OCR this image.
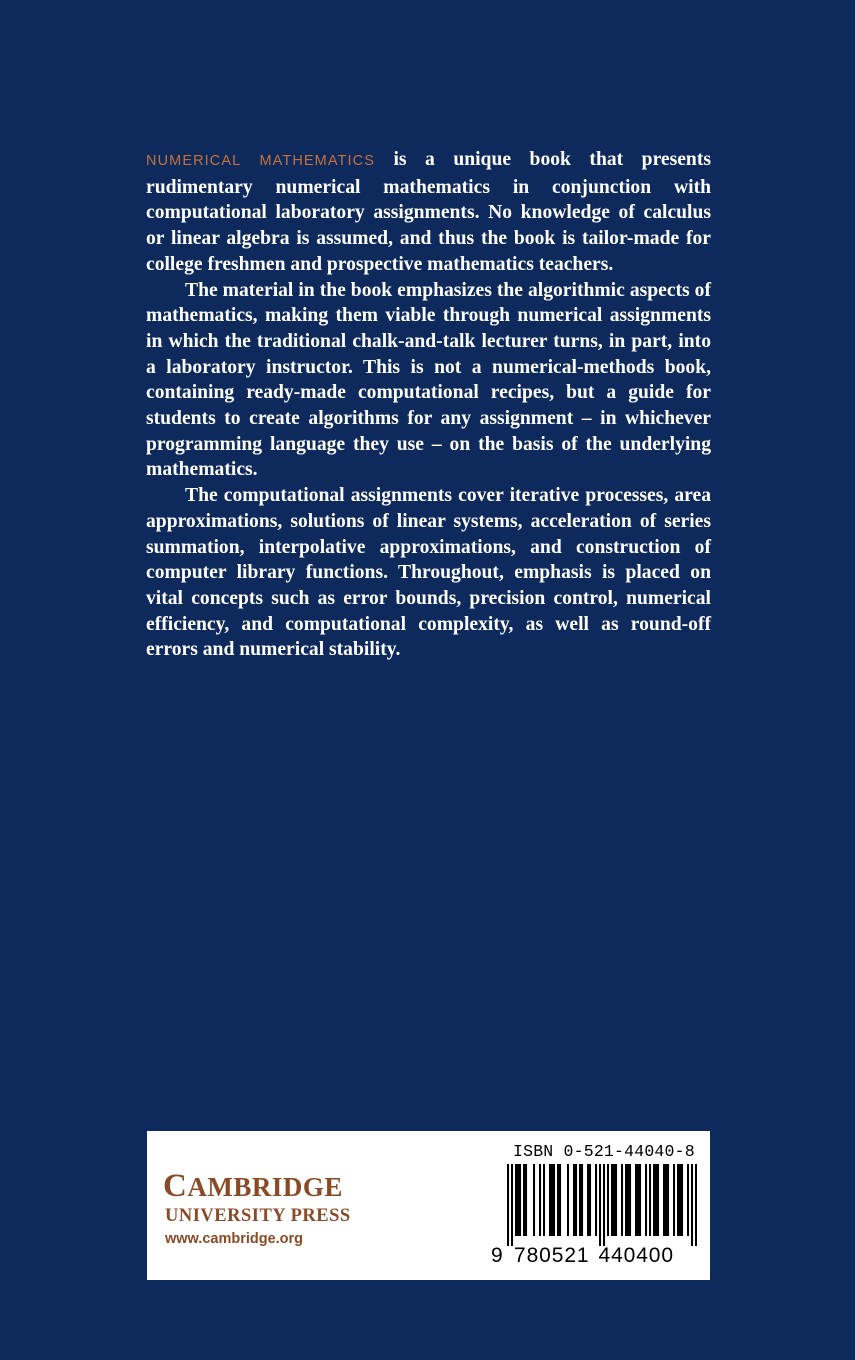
NUMERICAL MATHEMATICS is a unique book that presents rudimentary numerical mathematics in conjunction with computational laboratory assignments. No knowledge of calculus or linear algebra is assumed, and thus the book is tailor-made for college freshmen and prospective mathematics teachers.

The material in the book emphasizes the algorithmic aspects of mathematics, making them viable through numerical assignments in which the traditional chalk-and-talk lecturer turns, in part, into a laboratory instructor. This is not a numerical-methods book, containing ready-made computational recipes, but a guide for students to create algorithms for any assignment – in whichever programming language they use – on the basis of the underlying mathematics.

The computational assignments cover iterative processes, area approximations, solutions of linear systems, acceleration of series summation, interpolative approximations, and construction of computer library functions. Throughout, emphasis is placed on vital concepts such as error bounds, precision control, numerical efficiency, and computational complexity, as well as round-off errors and numerical stability.

CAMBRIDGE
UNIVERSITY PRESS
www.cambridge.org
ISBN 0-521-44040-8
9 780521 440400
